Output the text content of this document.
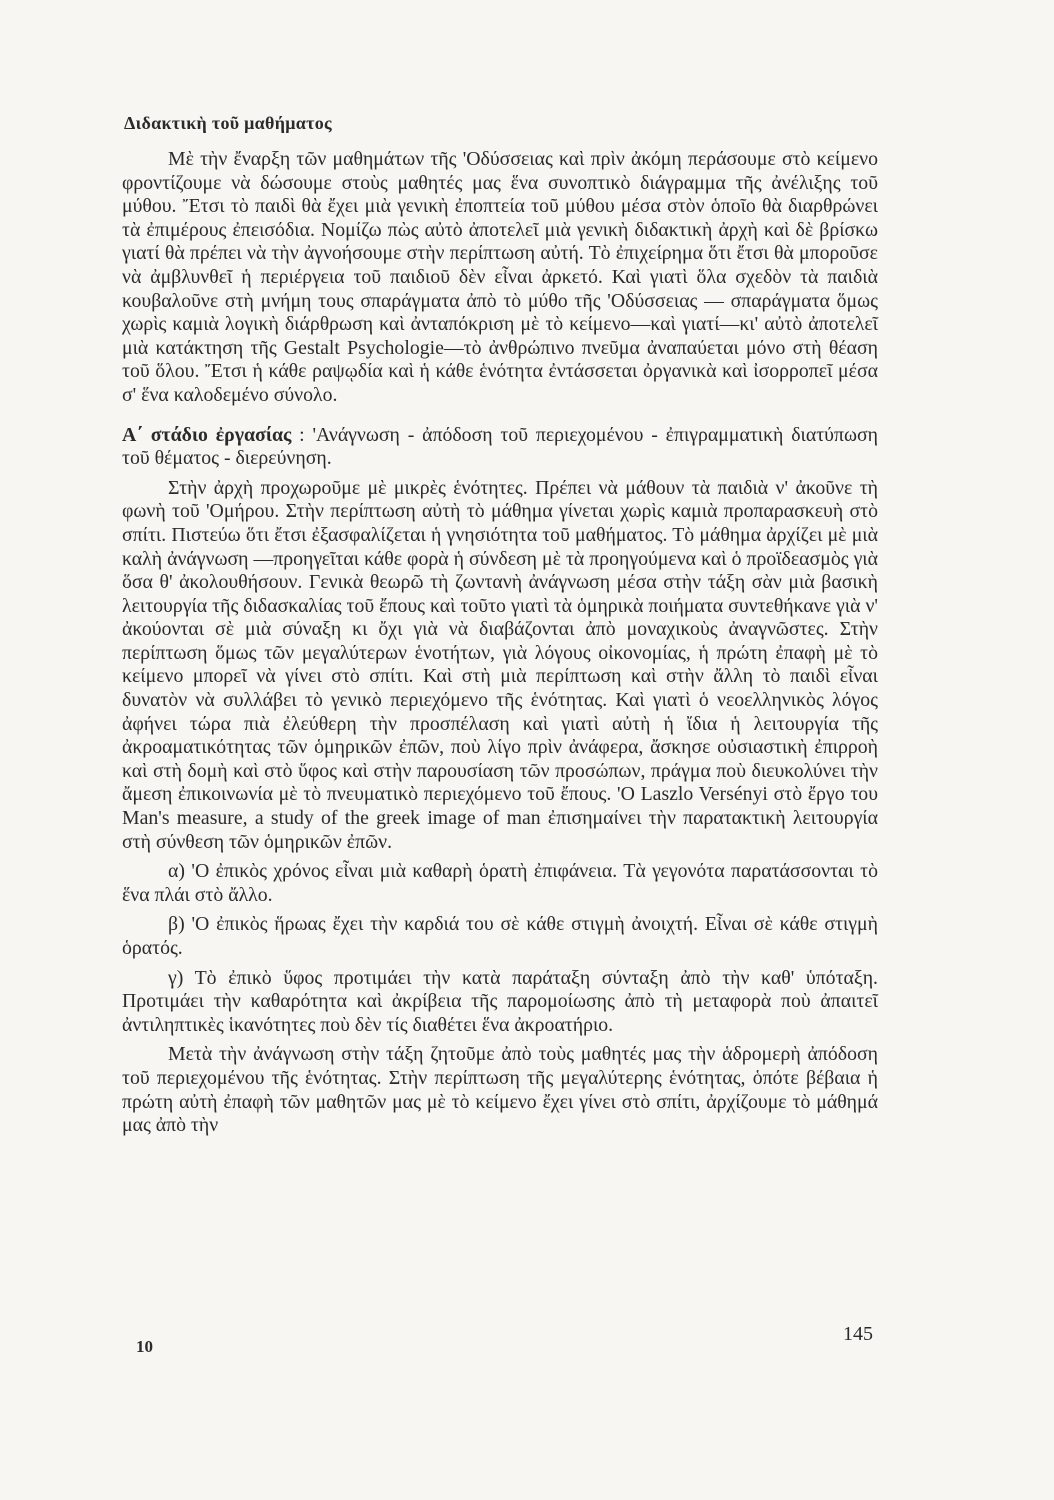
Διδακτικὴ τοῦ μαθήματος

Μὲ τὴν ἔναρξη τῶν μαθημάτων τῆς 'Οδύσσειας καὶ πρὶν ἀκόμη περάσουμε στὸ κείμενο φροντίζουμε νὰ δώσουμε στοὺς μαθητές μας ἕνα συνοπτικὸ διάγραμμα τῆς ἀνέλιξης τοῦ μύθου. Ἔτσι τὸ παιδὶ θὰ ἔχει μιὰ γενικὴ ἐποπτεία τοῦ μύθου μέσα στὸν ὁποῖο θὰ διαρθρώνει τὰ ἐπιμέρους ἐπεισόδια. Νομίζω πὼς αὐτὸ ἀποτελεῖ μιὰ γενικὴ διδακτικὴ ἀρχὴ καὶ δὲ βρίσκω γιατί θὰ πρέπει νὰ τὴν ἀγνοήσουμε στὴν περίπτωση αὐτή. Τὸ ἐπιχείρημα ὅτι ἔτσι θὰ μποροῦσε νὰ ἀμβλυνθεῖ ἡ περιέργεια τοῦ παιδιοῦ δὲν εἶναι ἀρκετό. Καὶ γιατὶ ὅλα σχεδὸν τὰ παιδιὰ κουβαλοῦνε στὴ μνήμη τους σπαράγματα ἀπὸ τὸ μύθο τῆς 'Οδύσσειας — σπαράγματα ὅμως χωρὶς καμιὰ λογικὴ διάρθρωση καὶ ἀνταπόκριση μὲ τὸ κείμενο—καὶ γιατί—κι' αὐτὸ ἀποτελεῖ μιὰ κατάκτηση τῆς Gestalt Psychologie—τὸ ἀνθρώπινο πνεῦμα ἀναπαύεται μόνο στὴ θέαση τοῦ ὅλου. Ἔτσι ἡ κάθε ραψῳδία καὶ ἡ κάθε ἑνότητα ἐντάσσεται ὀργανικὰ καὶ ἰσορροπεῖ μέσα σ' ἕνα καλοδεμένο σύνολο.

Α΄ στάδιο ἐργασίας : 'Ανάγνωση - ἀπόδοση τοῦ περιεχομένου - ἐπιγραμματικὴ διατύπωση τοῦ θέματος - διερεύνηση.

Στὴν ἀρχὴ προχωροῦμε μὲ μικρὲς ἑνότητες. Πρέπει νὰ μάθουν τὰ παιδιὰ ν' ἀκοῦνε τὴ φωνὴ τοῦ 'Ομήρου. Στὴν περίπτωση αὐτὴ τὸ μάθημα γίνεται χωρὶς καμιὰ προπαρασκευὴ στὸ σπίτι. Πιστεύω ὅτι ἔτσι ἐξασφαλίζεται ἡ γνησιότητα τοῦ μαθήματος. Τὸ μάθημα ἀρχίζει μὲ μιὰ καλὴ ἀνάγνωση —προηγεῖται κάθε φορὰ ἡ σύνδεση μὲ τὰ προηγούμενα καὶ ὁ προϊδεασμὸς γιὰ ὅσα θ' ἀκολουθήσουν. Γενικὰ θεωρῶ τὴ ζωντανὴ ἀνάγνωση μέσα στὴν τάξη σὰν μιὰ βασικὴ λειτουργία τῆς διδασκαλίας τοῦ ἔπους καὶ τοῦτο γιατὶ τὰ ὁμηρικὰ ποιήματα συντεθήκανε γιὰ ν' ἀκούονται σὲ μιὰ σύναξη κι ὄχι γιὰ νὰ διαβάζονται ἀπὸ μοναχικοὺς ἀναγνῶστες. Στὴν περίπτωση ὅμως τῶν μεγαλύτερων ἑνοτήτων, γιὰ λόγους οἰκονομίας, ἡ πρώτη ἐπαφὴ μὲ τὸ κείμενο μπορεῖ νὰ γίνει στὸ σπίτι. Καὶ στὴ μιὰ περίπτωση καὶ στὴν ἄλλη τὸ παιδὶ εἶναι δυνατὸν νὰ συλλάβει τὸ γενικὸ περιεχόμενο τῆς ἑνότητας. Καὶ γιατὶ ὁ νεοελληνικὸς λόγος ἀφήνει τώρα πιὰ ἐλεύθερη τὴν προσπέλαση καὶ γιατὶ αὐτὴ ἡ ἴδια ἡ λειτουργία τῆς ἀκροαματικότητας τῶν ὁμηρικῶν ἐπῶν, ποὺ λίγο πρὶν ἀνάφερα, ἄσκησε οὐσιαστικὴ ἐπιρροὴ καὶ στὴ δομὴ καὶ στὸ ὕφος καὶ στὴν παρουσίαση τῶν προσώπων, πράγμα ποὺ διευκολύνει τὴν ἄμεση ἐπικοινωνία μὲ τὸ πνευματικὸ περιεχόμενο τοῦ ἔπους. 'Ο Laszlo Versényi στὸ ἔργο του Man's measure, a study of the greek image of man ἐπισημαίνει τὴν παρατακτικὴ λειτουργία στὴ σύνθεση τῶν ὁμηρικῶν ἐπῶν.

α) 'Ο ἐπικὸς χρόνος εἶναι μιὰ καθαρὴ ὁρατὴ ἐπιφάνεια. Τὰ γεγονότα παρατάσσονται τὸ ἕνα πλάι στὸ ἄλλο.

β) 'Ο ἐπικὸς ἥρωας ἔχει τὴν καρδιά του σὲ κάθε στιγμὴ ἀνοιχτή. Εἶναι σὲ κάθε στιγμὴ ὁρατός.

γ) Τὸ ἐπικὸ ὕφος προτιμάει τὴν κατὰ παράταξη σύνταξη ἀπὸ τὴν καθ' ὑπόταξη. Προτιμάει τὴν καθαρότητα καὶ ἀκρίβεια τῆς παρομοίωσης ἀπὸ τὴ μεταφορὰ ποὺ ἀπαιτεῖ ἀντιληπτικὲς ἱκανότητες ποὺ δὲν τίς διαθέτει ἕνα ἀκροατήριο.

Μετὰ τὴν ἀνάγνωση στὴν τάξη ζητοῦμε ἀπὸ τοὺς μαθητές μας τὴν ἁδρομερὴ ἀπόδοση τοῦ περιεχομένου τῆς ἑνότητας. Στὴν περίπτωση τῆς μεγαλύτερης ἑνότητας, ὁπότε βέβαια ἡ πρώτη αὐτὴ ἐπαφὴ τῶν μαθητῶν μας μὲ τὸ κείμενο ἔχει γίνει στὸ σπίτι, ἀρχίζουμε τὸ μάθημά μας ἀπὸ τὴν

10
145
